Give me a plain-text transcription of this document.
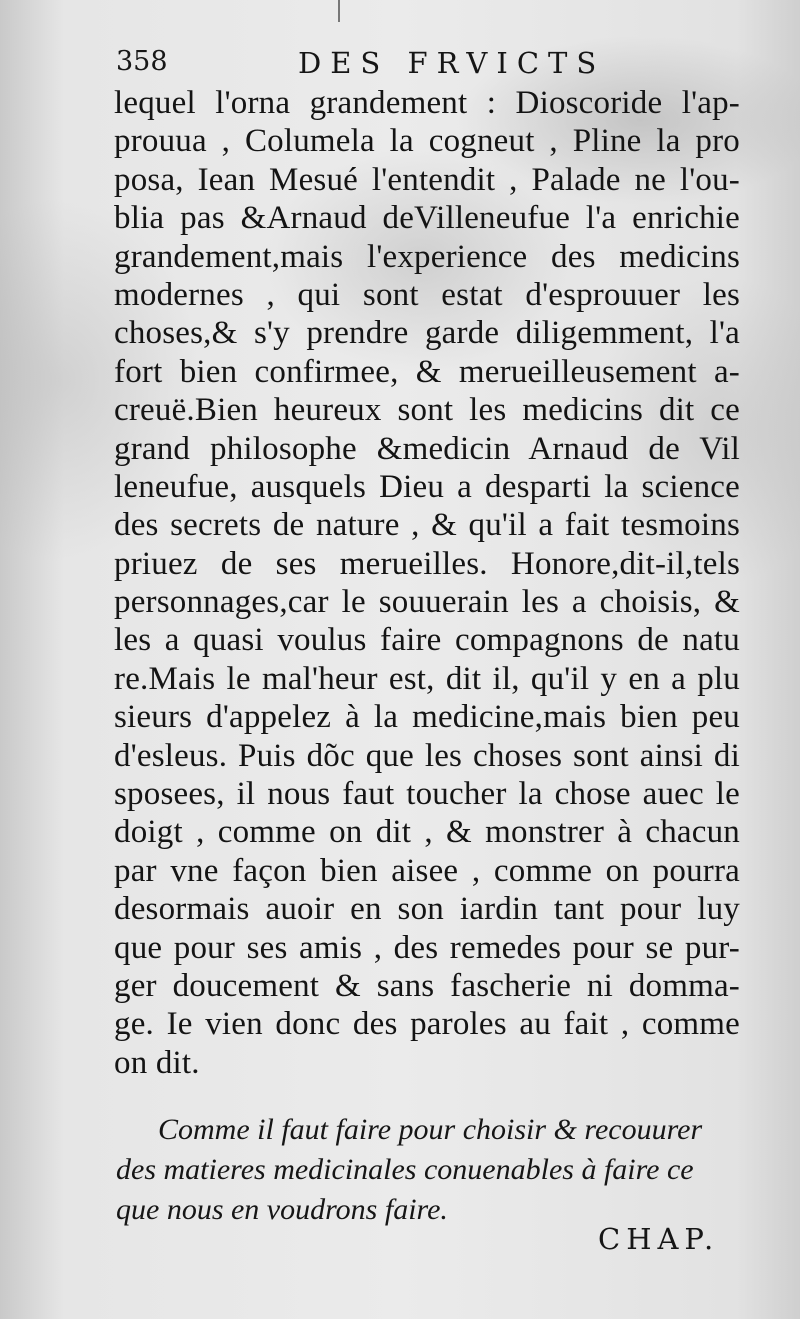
358	DES FRVICTS
lequel l'orna grandement : Dioscoride l'ap-
prouua , Columela la cogneut , Pline la pro
posa, Iean Mesué l'entendit , Palade ne l'ou-
blia pas &Arnaud deVilleneufue l'a enrichie
grandement,mais l'experience des medicins
modernes , qui sont estat d'esprouuer les
choses,& s'y prendre garde diligemment, l'a
fort bien confirmee, & merueilleusement a-
creuë.Bien heureux sont les medicins dit ce
grand philosophe &medicin Arnaud de Vil
leneufue, ausquels Dieu a desparti la science
des secrets de nature , & qu'il a fait tesmoins
priuez de ses merueilles. Honore,dit-il,tels
personnages,car le souuerain les a choisis, &
les a quasi voulus faire compagnons de natu
re.Mais le mal'heur est, dit il, qu'il y en a plu
sieurs d'appelez à la medicine,mais bien peu
d'esleus. Puis dõc que les choses sont ainsi di
sposees, il nous faut toucher la chose auec le
doigt , comme on dit , & monstrer à chacun
par vne façon bien aisee , comme on pourra
desormais auoir en son iardin tant pour luy
que pour ses amis , des remedes pour se pur-
ger doucement & sans fascherie ni domma-
ge. Ie vien donc des paroles au fait , comme
on dit.
Comme il faut faire pour choisir & recouurer
des matieres medicinales conuenables à faire ce
que nous en voudrons faire.
CHAP.
